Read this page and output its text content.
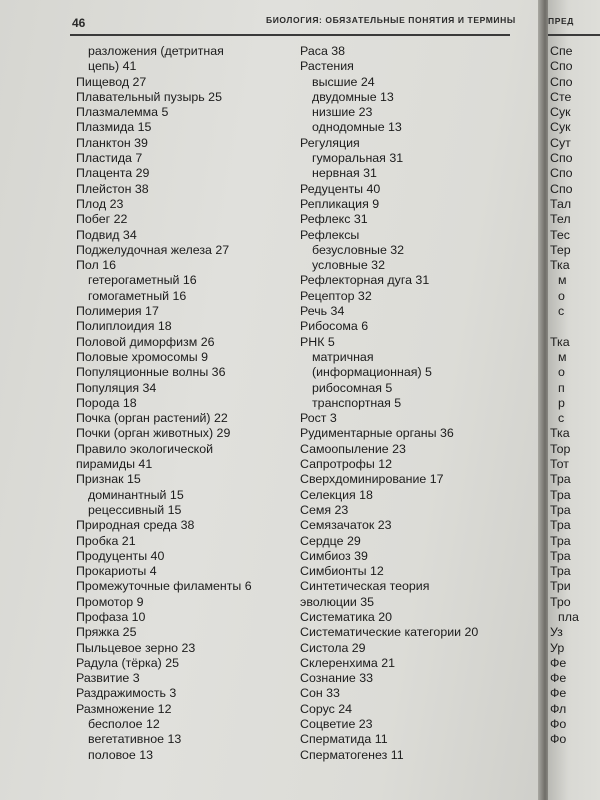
46	БИОЛОГИЯ: ОБЯЗАТЕЛЬНЫЕ ПОНЯТИЯ И ТЕРМИНЫ
разложения (детритная
цепь) 41
Пищевод 27
Плавательный пузырь 25
Плазмалемма 5
Плазмида 15
Планктон 39
Пластида 7
Плацента 29
Плейстон 38
Плод 23
Побег 22
Подвид 34
Поджелудочная железа 27
Пол 16
гетерогаметный 16
гомогаметный 16
Полимерия 17
Полиплоидия 18
Половой диморфизм 26
Половые хромосомы 9
Популяционные волны 36
Популяция 34
Порода 18
Почка (орган растений) 22
Почки (орган животных) 29
Правило экологической
пирамиды 41
Признак 15
доминантный 15
рецессивный 15
Природная среда 38
Пробка 21
Продуценты 40
Прокариоты 4
Промежуточные филаменты 6
Промотор 9
Профаза 10
Пряжка 25
Пыльцевое зерно 23
Радула (тёрка) 25
Развитие 3
Раздражимость 3
Размножение 12
бесполое 12
вегетативное 13
половое 13
Раса 38
Растения
высшие 24
двудомные 13
низшие 23
однодомные 13
Регуляция
гуморальная 31
нервная 31
Редуценты 40
Репликация 9
Рефлекс 31
Рефлексы
безусловные 32
условные 32
Рефлекторная дуга 31
Рецептор 32
Речь 34
Рибосома 6
РНК 5
матричная
(информационная) 5
рибосомная 5
транспортная 5
Рост 3
Рудиментарные органы 36
Самоопыление 23
Сапротрофы 12
Сверхдоминирование 17
Селекция 18
Семя 23
Семязачаток 23
Сердце 29
Симбиоз 39
Симбионты 12
Синтетическая теория
эволюции 35
Систематика 20
Систематические категории 20
Систола 29
Склеренхима 21
Сознание 33
Сон 33
Сорус 24
Соцветие 23
Сперматида 11
Сперматогенез 11
ПРЕД
Спе
Спо
Спо
Сте
Сук
Сук
Сут
Спо
Спо
Спо
Тал
Тел
Тес
Тер
Тка
м
о
с

Тка
м
о
п
р
с
Тка
Тор
Тот
Тра
Тра
Тра
Тра
Тра
Тра
Тра
Три
Тро
пла
Уз
Ур
Фе
Фе
Фе
Фл
Фо
Фо
